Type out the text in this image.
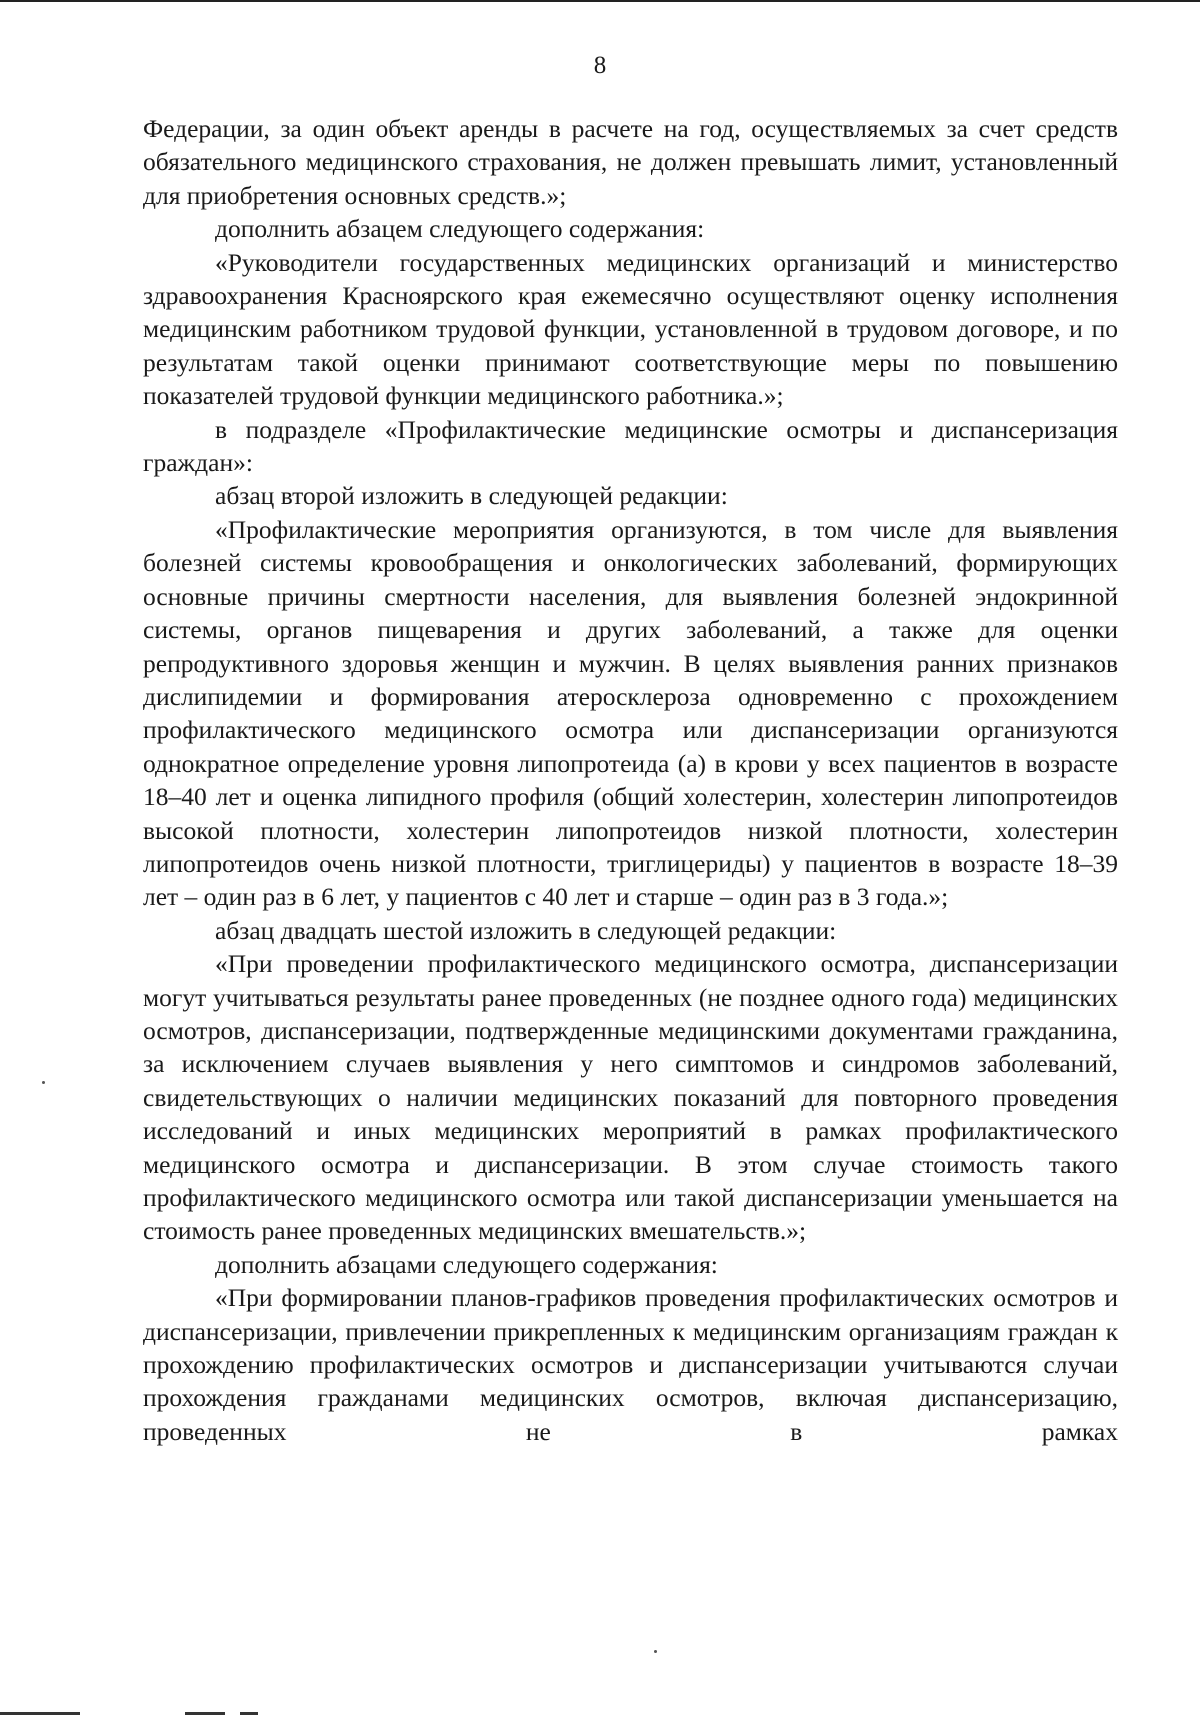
8

Федерации, за один объект аренды в расчете на год, осуществляемых за счет средств обязательного медицинского страхования, не должен превышать лимит, установленный для приобретения основных средств.»;

дополнить абзацем следующего содержания:

«Руководители государственных медицинских организаций и министерство здравоохранения Красноярского края ежемесячно осуществляют оценку исполнения медицинским работником трудовой функции, установленной в трудовом договоре, и по результатам такой оценки принимают соответствующие меры по повышению показателей трудовой функции медицинского работника.»;

в подразделе «Профилактические медицинские осмотры и диспансеризация граждан»:

абзац второй изложить в следующей редакции:

«Профилактические мероприятия организуются, в том числе для выявления болезней системы кровообращения и онкологических заболеваний, формирующих основные причины смертности населения, для выявления болезней эндокринной системы, органов пищеварения и других заболеваний, а также для оценки репродуктивного здоровья женщин и мужчин. В целях выявления ранних признаков дислипидемии и формирования атеросклероза одновременно с прохождением профилактического медицинского осмотра или диспансеризации организуются однократное определение уровня липопротеида (а) в крови у всех пациентов в возрасте 18–40 лет и оценка липидного профиля (общий холестерин, холестерин липопротеидов высокой плотности, холестерин липопротеидов низкой плотности, холестерин липопротеидов очень низкой плотности, триглицериды) у пациентов в возрасте 18–39 лет – один раз в 6 лет, у пациентов с 40 лет и старше – один раз в 3 года.»;

абзац двадцать шестой изложить в следующей редакции:

«При проведении профилактического медицинского осмотра, диспансеризации могут учитываться результаты ранее проведенных (не позднее одного года) медицинских осмотров, диспансеризации, подтвержденные медицинскими документами гражданина, за исключением случаев выявления у него симптомов и синдромов заболеваний, свидетельствующих о наличии медицинских показаний для повторного проведения исследований и иных медицинских мероприятий в рамках профилактического медицинского осмотра и диспансеризации. В этом случае стоимость такого профилактического медицинского осмотра или такой диспансеризации уменьшается на стоимость ранее проведенных медицинских вмешательств.»;

дополнить абзацами следующего содержания:

«При формировании планов-графиков проведения профилактических осмотров и диспансеризации, привлечении прикрепленных к медицинским организациям граждан к прохождению профилактических осмотров и диспансеризации учитываются случаи прохождения гражданами медицинских осмотров, включая диспансеризацию, проведенных не в рамках
